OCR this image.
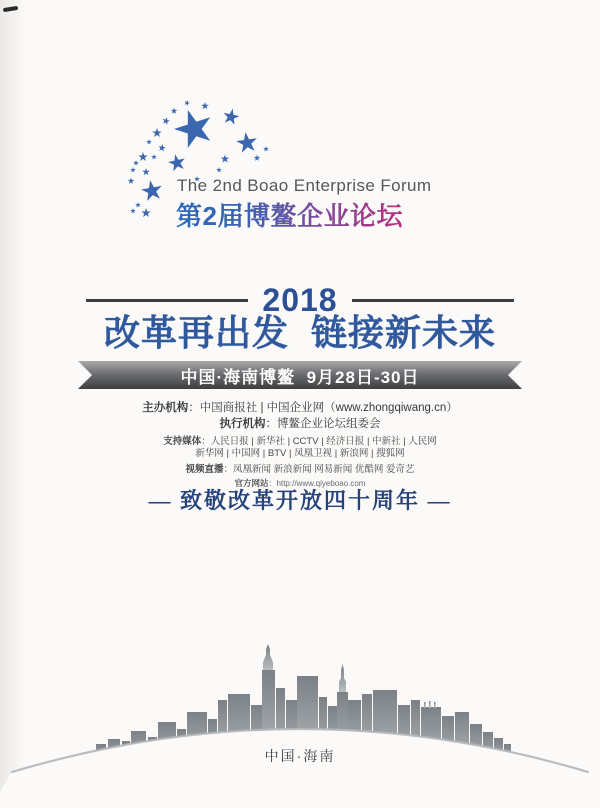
The 2nd Boao Enterprise Forum
第2届博鳌企业论坛
2018
改革再出发  链接新未来
中国·海南博鳌  9月28日-30日
主办机构：中国商报社 | 中国企业网（www.zhongqiwang.cn）
执行机构：博鳌企业论坛组委会
支持媒体：人民日报 | 新华社 | CCTV | 经济日报 | 中新社 | 人民网
新华网 | 中国网 | BTV | 凤凰卫视 | 新浪网 | 搜狐网
视频直播：凤凰新闻 新浪新闻 网易新闻 优酷网 爱奇艺
官方网站：http://www.qiyeboao.com
— 致敬改革开放四十周年 —
中国·海南
